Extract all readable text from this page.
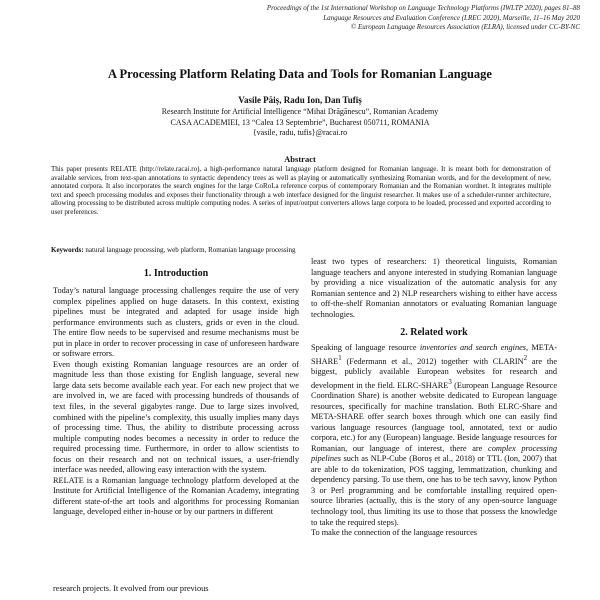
Proceedings of the 1st International Workshop on Language Technology Platforms (IWLTP 2020), pages 81–88
Language Resources and Evaluation Conference (LREC 2020), Marseille, 11–16 May 2020
© European Language Resources Association (ELRA), licensed under CC-BY-NC
A Processing Platform Relating Data and Tools for Romanian Language
Vasile Păiș, Radu Ion, Dan Tufiș
Research Institute for Artificial Intelligence “Mihai Drăgănescu”, Romanian Academy
CASA ACADEMIEI, 13 “Calea 13 Septembrie”, Bucharest 050711, ROMANIA
{vasile, radu, tufis}@racai.ro
Abstract
This paper presents RELATE (http://relate.racai.ro), a high-performance natural language platform designed for Romanian language. It is meant both for demonstration of available services, from text-span annotations to syntactic dependency trees as well as playing or automatically synthesizing Romanian words, and for the development of new, annotated corpora. It also incorporates the search engines for the large CoRoLa reference corpus of contemporary Romanian and the Romanian wordnet. It integrates multiple text and speech processing modules and exposes their functionality through a web interface designed for the linguist researcher. It makes use of a scheduler-runner architecture, allowing processing to be distributed across multiple computing nodes. A series of input/output converters allows large corpora to be loaded, processed and exported according to user preferences.
Keywords: natural language processing, web platform, Romanian language processing
1. Introduction

Today’s natural language processing challenges require the use of very complex pipelines applied on huge datasets. In this context, existing pipelines must be integrated and adapted for usage inside high performance environments such as clusters, grids or even in the cloud. The entire flow needs to be supervised and resume mechanisms must be put in place in order to recover processing in case of unforeseen hardware or software errors.

Even though existing Romanian language resources are an order of magnitude less than those existing for English language, several new large data sets become available each year. For each new project that we are involved in, we are faced with processing hundreds of thousands of text files, in the several gigabytes range. Due to large sizes involved, combined with the pipeline’s complexity, this usually implies many days of processing time. Thus, the ability to distribute processing across multiple computing nodes becomes a necessity in order to reduce the required processing time. Furthermore, in order to allow scientists to focus on their research and not on technical issues, a user-friendly interface was needed, allowing easy interaction with the system.

RELATE is a Romanian language technology platform developed at the Institute for Artificial Intelligence of the Romanian Academy, integrating different state-of-the art tools and algorithms for processing Romanian language, developed either in-house or by our partners in different

research projects. It evolved from our previous

least two types of researchers: 1) theoretical linguists, Romanian language teachers and anyone interested in studying Romanian language by providing a nice visualization of the automatic analysis for any Romanian sentence and 2) NLP researchers wishing to either have access to off-the-shelf Romanian annotators or evaluating Romanian language technologies.

2. Related work

Speaking of language resource inventories and search engines, META-SHARE$^1$ (Federmann et al., 2012) together with CLARIN$^2$ are the biggest, publicly available European websites for research and development in the field. ELRC-SHARE$^3$ (European Language Resource Coordination Share) is another website dedicated to European language resources, specifically for machine translation. Both ELRC-Share and META-SHARE offer search boxes through which one can easily find various language resources (language tool, annotated, text or audio corpora, etc.) for any (European) language. Beside language resources for Romanian, our language of interest, there are complex processing pipelines such as NLP-Cube (Boroș et al., 2018) or TTL (Ion, 2007) that are able to do tokenization, POS tagging, lemmatization, chunking and dependency parsing. To use them, one has to be tech savvy, know Python 3 or Perl programming and be comfortable installing required open-source libraries (actually, this is the story of any open-source language technology tool, thus limiting its use to those that possess the knowledge to take the required steps).

To make the connection of the language resources
